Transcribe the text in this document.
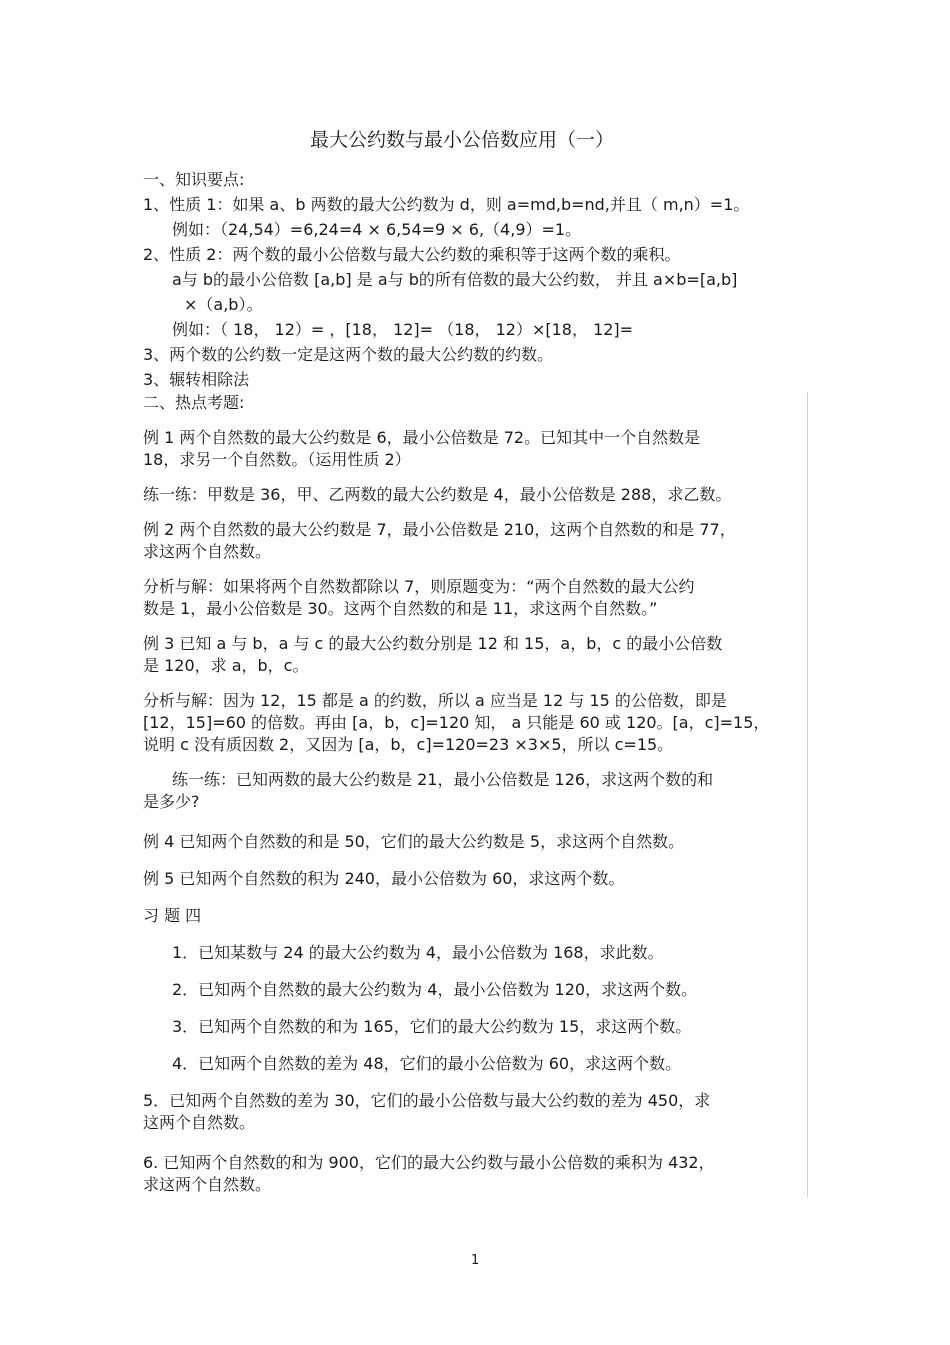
最大公约数与最小公倍数应用（一）
一、知识要点:
1、性质 1：如果 a、b 两数的最大公约数为 d，则 a=md,b=nd,并且（ m,n）=1。
例如：（24,54）=6,24=4 × 6,54=9 × 6,（4,9）=1。
2、性质 2：两个数的最小公倍数与最大公约数的乘积等于这两个数的乘积。
a与 b的最小公倍数 [a,b] 是 a与 b的所有倍数的最大公约数， 并且 a×b=[a,b]
×（a,b）。
例如：（ 18， 12）= ，[18， 12]= （18， 12）×[18， 12]=
3、两个数的公约数一定是这两个数的最大公约数的约数。
3、辗转相除法
二、热点考题:
例 1 两个自然数的最大公约数是 6，最小公倍数是 72。已知其中一个自然数是
18，求另一个自然数。（运用性质 2）
练一练：甲数是 36，甲、乙两数的最大公约数是 4，最小公倍数是 288，求乙数。
例 2 两个自然数的最大公约数是 7，最小公倍数是 210，这两个自然数的和是 77，
求这两个自然数。
分析与解：如果将两个自然数都除以 7，则原题变为：“两个自然数的最大公约
数是 1，最小公倍数是 30。这两个自然数的和是 11，求这两个自然数。”
例 3 已知 a 与 b，a 与 c 的最大公约数分别是 12 和 15，a，b，c 的最小公倍数
是 120，求 a，b，c。
分析与解：因为 12，15 都是 a 的约数，所以 a 应当是 12 与 15 的公倍数，即是
[12，15]=60 的倍数。再由 [a，b，c]=120 知， a 只能是 60 或 120。[a，c]=15，
说明 c 没有质因数 2，又因为 [a，b，c]=120=23 ×3×5，所以 c=15。
练一练：已知两数的最大公约数是 21，最小公倍数是 126，求这两个数的和
是多少?
例 4 已知两个自然数的和是 50，它们的最大公约数是 5，求这两个自然数。
例 5 已知两个自然数的积为 240，最小公倍数为 60，求这两个数。
习 题 四
1．已知某数与 24 的最大公约数为 4，最小公倍数为 168，求此数。
2．已知两个自然数的最大公约数为 4，最小公倍数为 120，求这两个数。
3．已知两个自然数的和为 165，它们的最大公约数为 15，求这两个数。
4．已知两个自然数的差为 48，它们的最小公倍数为 60，求这两个数。
5．已知两个自然数的差为 30，它们的最小公倍数与最大公约数的差为 450，求
这两个自然数。
6. 已知两个自然数的和为 900，它们的最大公约数与最小公倍数的乘积为 432，
求这两个自然数。
1
